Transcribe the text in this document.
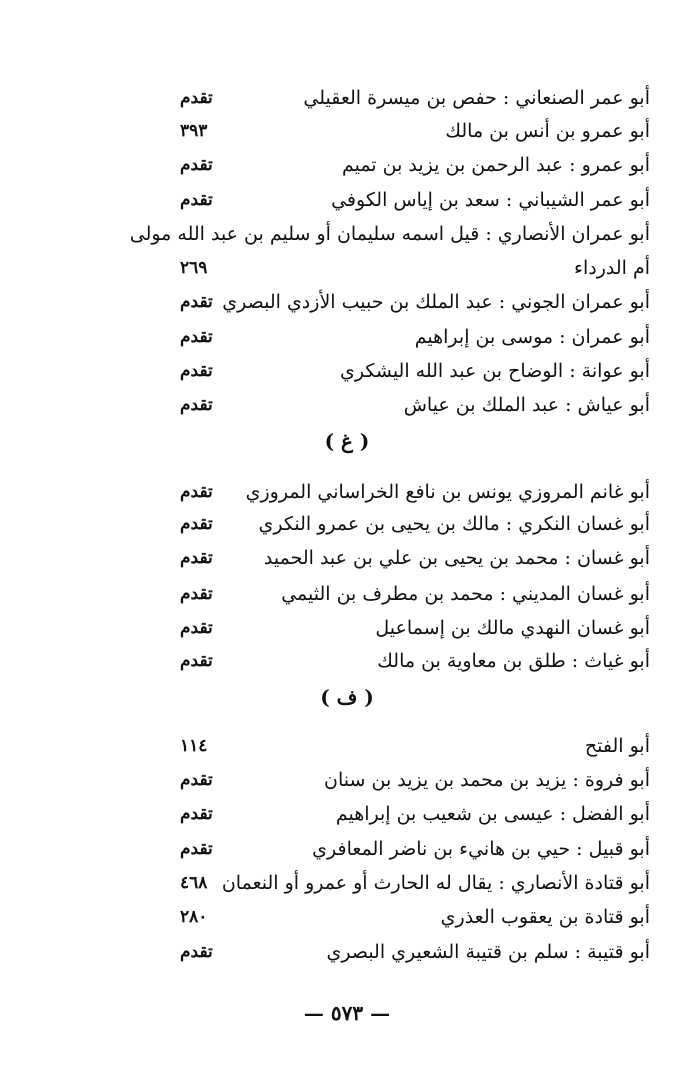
أبو عمر الصنعاني : حفص بن ميسرة العقيلي
تقدم
أبو عمرو بن أنس بن مالك
٣٩٣
أبو عمرو : عبد الرحمن بن يزيد بن تميم
تقدم
أبو عمر الشيباني : سعد بن إياس الكوفي
تقدم
أبو عمران الأنصاري : قيل اسمه سليمان أو سليم بن عبد الله مولى
٢٦٩	أم الدرداء
أبو عمران الجوني : عبد الملك بن حبيب الأزدي البصري
تقدم
أبو عمران : موسى بن إبراهيم
تقدم
أبو عوانة : الوضاح بن عبد الله اليشكري
تقدم
أبو عياش : عبد الملك بن عياش
تقدم
( غ )
أبو غانم المروزي يونس بن نافع الخراساني المروزي
تقدم
أبو غسان النكري : مالك بن يحيى بن عمرو النكري
تقدم
أبو غسان : محمد بن يحيى بن علي بن عبد الحميد
تقدم
أبو غسان المديني : محمد بن مطرف بن الثيمي
تقدم
أبو غسان النهدي مالك بن إسماعيل
تقدم
أبو غياث : طلق بن معاوية بن مالك
تقدم
( ف )
أبو الفتح
١١٤
أبو فروة : يزيد بن محمد بن يزيد بن سنان
تقدم
أبو الفضل : عيسى بن شعيب بن إبراهيم
تقدم
أبو قبيل : حيي بن هانيء بن ناضر المعافري
تقدم
أبو قتادة الأنصاري : يقال له الحارث أو عمرو أو النعمان
٤٦٨
أبو قتادة بن يعقوب العذري
٢٨٠
أبو قتيبة : سلم بن قتيبة الشعيري البصري
تقدم
— ٥٧٣ —
